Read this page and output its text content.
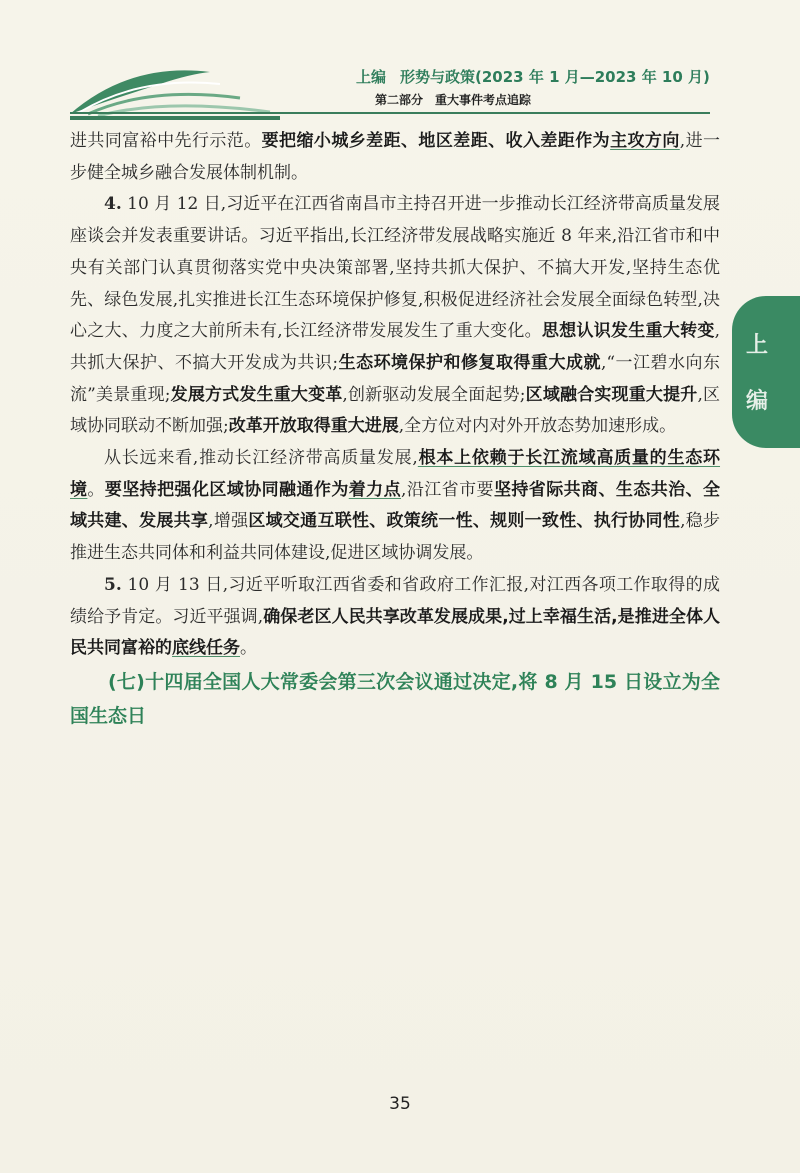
上编 形势与政策(2023 年 1 月—2023 年 10 月)
第二部分 重大事件考点追踪
上
编

进共同富裕中先行示范。要把缩小城乡差距、地区差距、收入差距作为主攻方向,进一步健全城乡融合发展体制机制。

4. 10 月 12 日,习近平在江西省南昌市主持召开进一步推动长江经济带高质量发展座谈会并发表重要讲话。习近平指出,长江经济带发展战略实施近 8 年来,沿江省市和中央有关部门认真贯彻落实党中央决策部署,坚持共抓大保护、不搞大开发,坚持生态优先、绿色发展,扎实推进长江生态环境保护修复,积极促进经济社会发展全面绿色转型,决心之大、力度之大前所未有,长江经济带发展发生了重大变化。思想认识发生重大转变,共抓大保护、不搞大开发成为共识;生态环境保护和修复取得重大成就,“一江碧水向东流”美景重现;发展方式发生重大变革,创新驱动发展全面起势;区域融合实现重大提升,区域协同联动不断加强;改革开放取得重大进展,全方位对内对外开放态势加速形成。

从长远来看,推动长江经济带高质量发展,根本上依赖于长江流域高质量的生态环境。要坚持把强化区域协同融通作为着力点,沿江省市要坚持省际共商、生态共治、全域共建、发展共享,增强区域交通互联性、政策统一性、规则一致性、执行协同性,稳步推进生态共同体和利益共同体建设,促进区域协调发展。

5. 10 月 13 日,习近平听取江西省委和省政府工作汇报,对江西各项工作取得的成绩给予肯定。习近平强调,确保老区人民共享改革发展成果,过上幸福生活,是推进全体人民共同富裕的底线任务。

(七)十四届全国人大常委会第三次会议通过决定,将 8 月 15 日设立为全国生态日

35
